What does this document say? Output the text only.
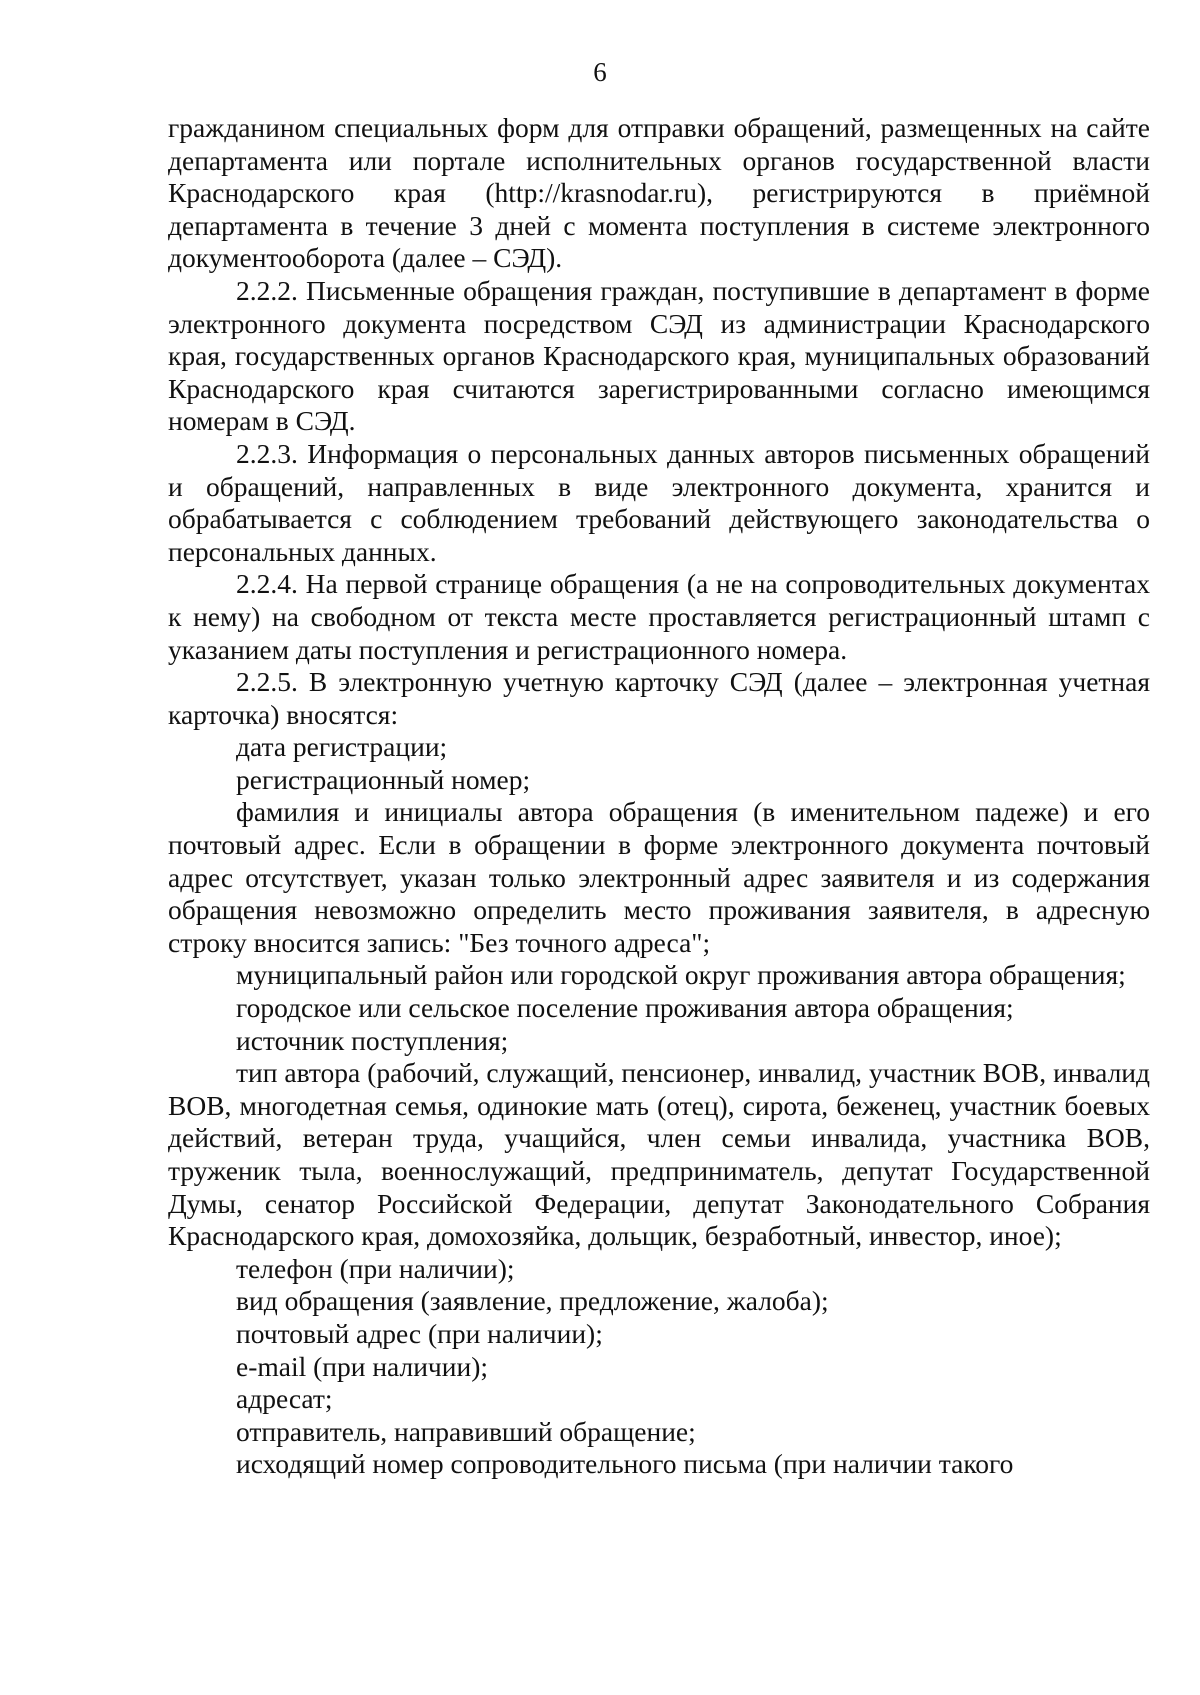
6

гражданином специальных форм для отправки обращений, размещенных на сайте департамента или портале исполнительных органов государственной власти Краснодарского края (http://krasnodar.ru), регистрируются в приёмной департамента в течение 3 дней с момента поступления в системе электронного документооборота (далее – СЭД).

2.2.2. Письменные обращения граждан, поступившие в департамент в форме электронного документа посредством СЭД из администрации Краснодарского края, государственных органов Краснодарского края, муниципальных образований Краснодарского края считаются зарегистрированными согласно имеющимся номерам в СЭД.

2.2.3. Информация о персональных данных авторов письменных обращений и обращений, направленных в виде электронного документа, хранится и обрабатывается с соблюдением требований действующего законодательства о персональных данных.

2.2.4. На первой странице обращения (а не на сопроводительных документах к нему) на свободном от текста месте проставляется регистрационный штамп с указанием даты поступления и регистрационного номера.

2.2.5. В электронную учетную карточку СЭД (далее – электронная учетная карточка) вносятся:

дата регистрации;

регистрационный номер;

фамилия и инициалы автора обращения (в именительном падеже) и его почтовый адрес. Если в обращении в форме электронного документа почтовый адрес отсутствует, указан только электронный адрес заявителя и из содержания обращения невозможно определить место проживания заявителя, в адресную строку вносится запись: "Без точного адреса";

муниципальный район или городской округ проживания автора обращения;

городское или сельское поселение проживания автора обращения;

источник поступления;

тип автора (рабочий, служащий, пенсионер, инвалид, участник ВОВ, инвалид ВОВ, многодетная семья, одинокие мать (отец), сирота, беженец, участник боевых действий, ветеран труда, учащийся, член семьи инвалида, участника ВОВ, труженик тыла, военнослужащий, предприниматель, депутат Государственной Думы, сенатор Российской Федерации, депутат Законодательного Собрания Краснодарского края, домохозяйка, дольщик, безработный, инвестор, иное);

телефон (при наличии);

вид обращения (заявление, предложение, жалоба);

почтовый адрес (при наличии);

e-mail (при наличии);

адресат;

отправитель, направивший обращение;

исходящий номер сопроводительного письма (при наличии такого
